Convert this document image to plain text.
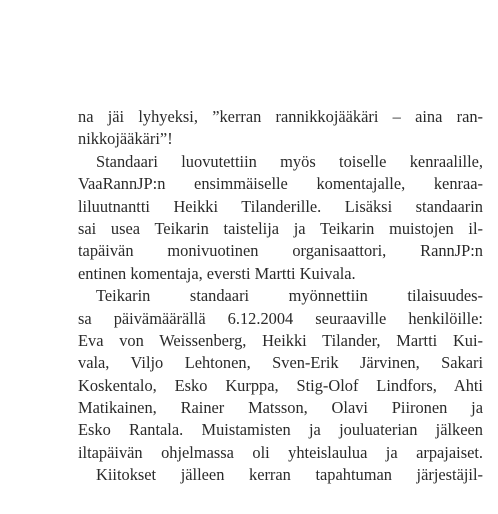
na jäi lyhyeksi, ”kerran rannikkojääkäri – aina ran-
nikkojääkäri”!
Standaari luovutettiin myös toiselle kenraalille,
VaaRannJP:n ensimmäiselle komentajalle, kenraa-
liluutnantti Heikki Tilanderille. Lisäksi standaarin
sai usea Teikarin taistelija ja Teikarin muistojen il-
tapäivän monivuotinen organisaattori, RannJP:n
entinen komentaja, eversti Martti Kuivala.
Teikarin standaari myönnettiin tilaisuudes-
sa päivämäärällä 6.12.2004 seuraaville henkilöille:
Eva von Weissenberg, Heikki Tilander, Martti Kui-
vala, Viljo Lehtonen, Sven-Erik Järvinen, Sakari
Koskentalo, Esko Kurppa, Stig-Olof Lindfors, Ahti
Matikainen, Rainer Matsson, Olavi Piironen ja
Esko Rantala. Muistamisten ja jouluaterian jälkeen
iltapäivän ohjelmassa oli yhteislaulua ja arpajaiset.
Kiitokset jälleen kerran tapahtuman järjestäjil-
